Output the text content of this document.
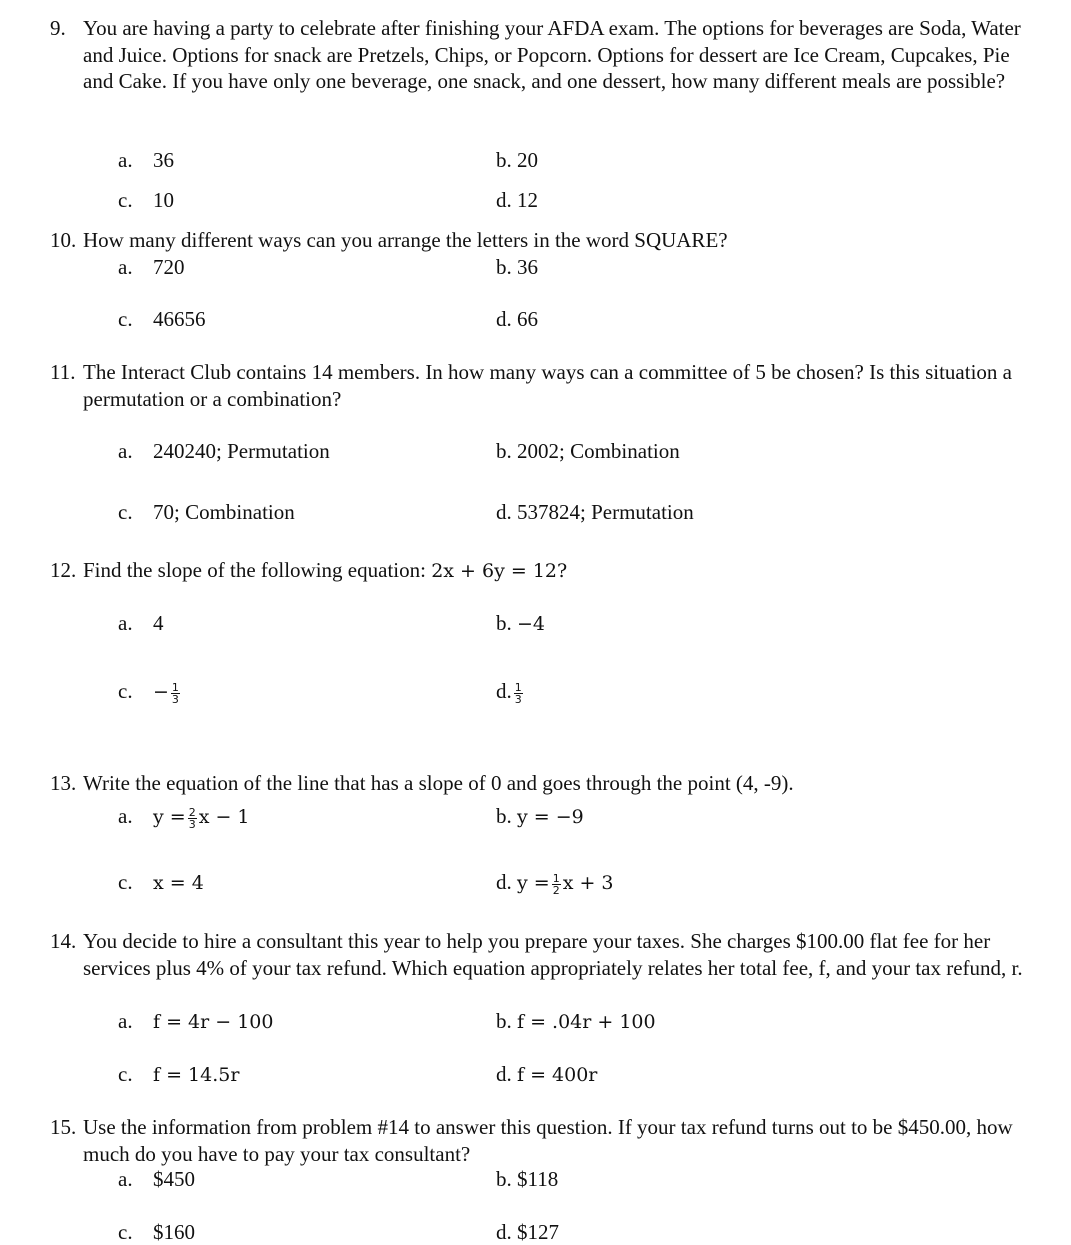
9. You are having a party to celebrate after finishing your AFDA exam. The options for beverages are Soda, Water and Juice. Options for snack are Pretzels, Chips, or Popcorn. Options for dessert are Ice Cream, Cupcakes, Pie and Cake. If you have only one beverage, one snack, and one dessert, how many different meals are possible?
a. 36	b. 20
c. 10	d. 12
10. How many different ways can you arrange the letters in the word SQUARE?
a. 720	b. 36
c. 46656	d. 66
11. The Interact Club contains 14 members. In how many ways can a committee of 5 be chosen? Is this situation a permutation or a combination?
a. 240240; Permutation	b. 2002; Combination
c. 70; Combination	d. 537824; Permutation
12. Find the slope of the following equation: 2x + 6y = 12?
a. 4	b. −4
c. − $\frac{1}{3}$	d. $\frac{1}{3}$
13. Write the equation of the line that has a slope of 0 and goes through the point (4, -9).
a. $y = \frac{2}{3}$ x − 1	b. y = −9
c. x = 4	d. $y = \frac{1}{2}$ x + 3
14. You decide to hire a consultant this year to help you prepare your taxes. She charges $100.00 flat fee for her services plus 4% of your tax refund. Which equation appropriately relates her total fee, f, and your tax refund, r.
a. f = 4r − 100	b. f = .04r + 100
c. f = 14.5r	d. f = 400r
15. Use the information from problem #14 to answer this question. If your tax refund turns out to be $450.00, how much do you have to pay your tax consultant?
a. $450	b. $118
c. $160	d. $127
